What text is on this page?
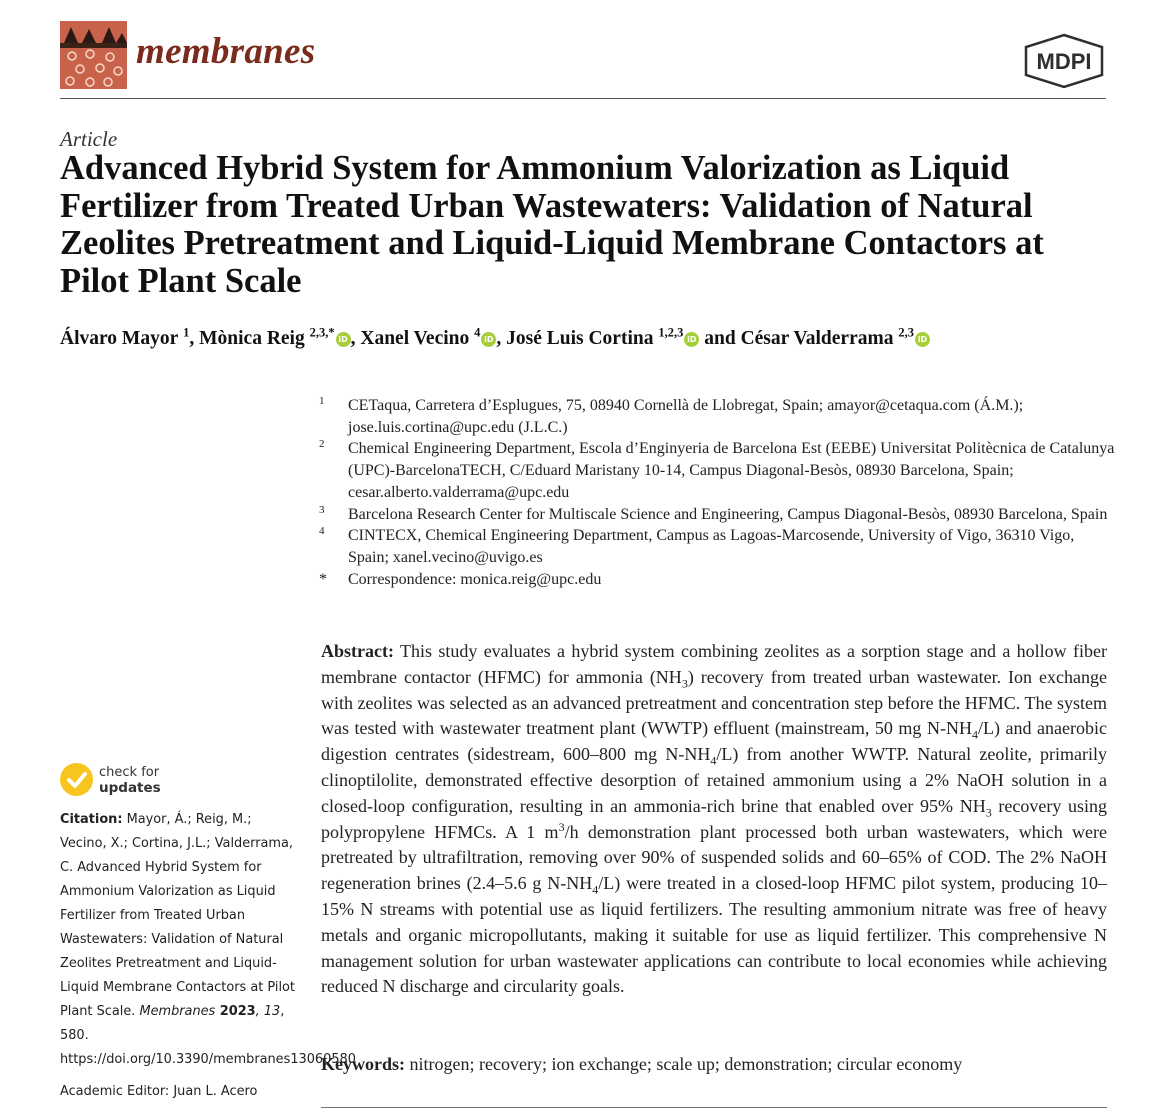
membranes	MDPI
Article
Advanced Hybrid System for Ammonium Valorization as Liquid Fertilizer from Treated Urban Wastewaters: Validation of Natural Zeolites Pretreatment and Liquid-Liquid Membrane Contactors at Pilot Plant Scale
Álvaro Mayor $^1$, Mònica Reig $^{2,3,*}$ iD , Xanel Vecino $^4$ iD , José Luis Cortina $^{1,2,3}$ iD and César Valderrama $^{2,3}$ iD
1 CETaqua, Carretera d’Esplugues, 75, 08940 Cornellà de Llobregat, Spain; amayor@cetaqua.com (Á.M.); jose.luis.cortina@upc.edu (J.L.C.)
2 Chemical Engineering Department, Escola d’Enginyeria de Barcelona Est (EEBE) Universitat Politècnica de Catalunya (UPC)-BarcelonaTECH, C/Eduard Maristany 10-14, Campus Diagonal-Besòs, 08930 Barcelona, Spain; cesar.alberto.valderrama@upc.edu
3 Barcelona Research Center for Multiscale Science and Engineering, Campus Diagonal-Besòs, 08930 Barcelona, Spain
4 CINTECX, Chemical Engineering Department, Campus as Lagoas-Marcosende, University of Vigo, 36310 Vigo, Spain; xanel.vecino@uvigo.es
* Correspondence: monica.reig@upc.edu

Abstract: This study evaluates a hybrid system combining zeolites as a sorption stage and a hollow fiber membrane contactor (HFMC) for ammonia $(NH_3)$ recovery from treated urban wastewater. Ion exchange with zeolites was selected as an advanced pretreatment and concentration step before the HFMC. The system was tested with wastewater treatment plant (WWTP) effluent (mainstream, 50 mg $N-NH_4/L$) and anaerobic digestion centrates (sidestream, 600–800 mg $N-NH_4/L$) from another WWTP. Natural zeolite, primarily clinoptilolite, demonstrated effective desorption of retained ammonium using a 2% NaOH solution in a closed-loop configuration, resulting in an ammonia-rich brine that enabled over 95% $NH_3$ recovery using polypropylene HFMCs. A 1 $m^3/h$ demonstration plant processed both urban wastewaters, which were pretreated by ultrafiltration, removing over 90% of suspended solids and 60–65% of COD. The 2% NaOH regeneration brines (2.4–5.6 g $N-NH_4/L$) were treated in a closed-loop HFMC pilot system, producing 10–15% N streams with potential use as liquid fertilizers. The resulting ammonium nitrate was free of heavy metals and organic micropollutants, making it suitable for use as liquid fertilizer. This comprehensive N management solution for urban wastewater applications can contribute to local economies while achieving reduced N discharge and circularity goals.

Keywords: nitrogen; recovery; ion exchange; scale up; demonstration; circular economy
check for
updates

Citation: Mayor, Á.; Reig, M.; Vecino, X.; Cortina, J.L.; Valderrama, C. Advanced Hybrid System for Ammonium Valorization as Liquid Fertilizer from Treated Urban Wastewaters: Validation of Natural Zeolites Pretreatment and Liquid-Liquid Membrane Contactors at Pilot Plant Scale. Membranes 2023, 13, 580. https://doi.org/10.3390/membranes13060580

Academic Editor: Juan L. Acero
